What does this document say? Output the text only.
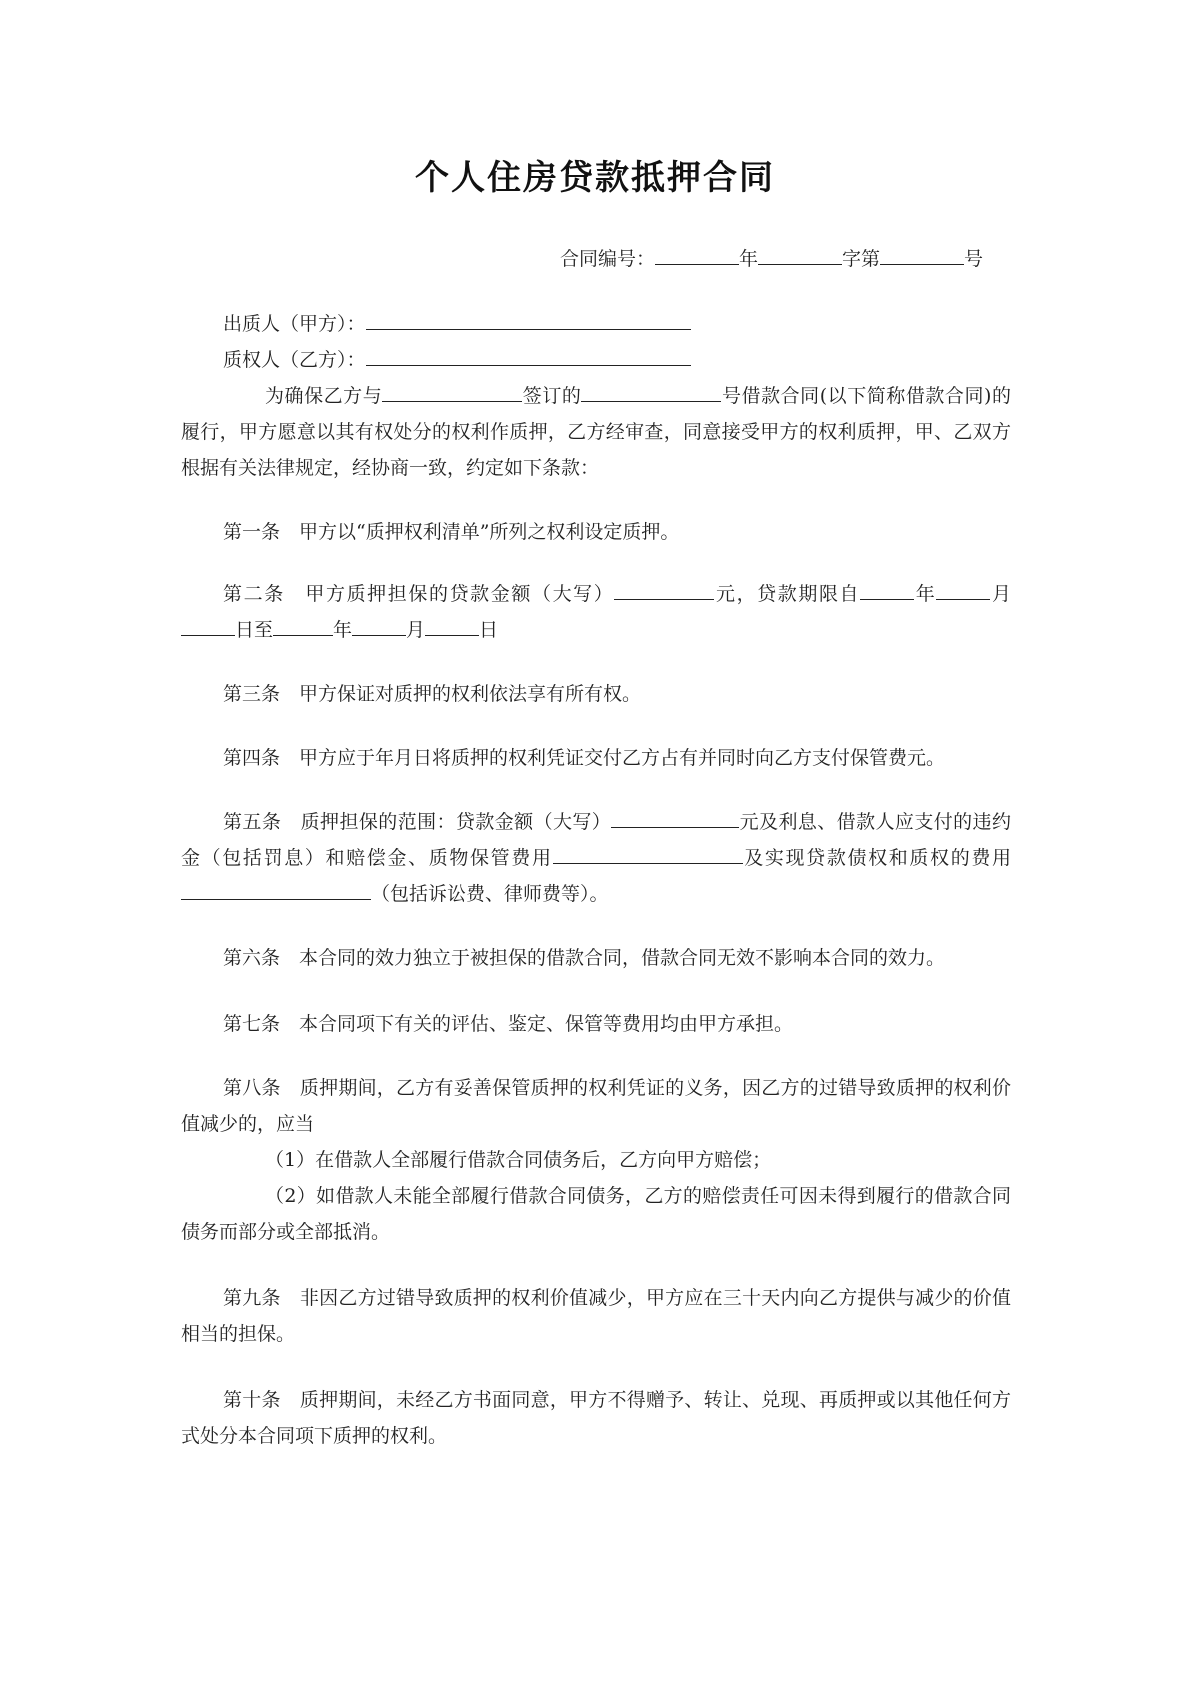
个人住房贷款抵押合同
合同编号：	年	字第	号
出质人（甲方）：
质权人（乙方）：
为确保乙方与	签订的	号借款合同(以下简称借款合同)的履行，甲方愿意以其有权处分的权利作质押，乙方经审查，同意接受甲方的权利质押，甲、乙双方根据有关法律规定，经协商一致，约定如下条款：
第一条　甲方以“质押权利清单”所列之权利设定质押。
第二条　甲方质押担保的贷款金额（大写）	元，贷款期限自	年	月日至	年	月	日
第三条　甲方保证对质押的权利依法享有所有权。
第四条　甲方应于年月日将质押的权利凭证交付乙方占有并同时向乙方支付保管费元。
第五条　质押担保的范围：贷款金额（大写）	元及利息、借款人应支付的违约金（包括罚息）和赔偿金、质物保管费用	及实现贷款债权和质权的费用（包括诉讼费、律师费等）。
第六条　本合同的效力独立于被担保的借款合同，借款合同无效不影响本合同的效力。
第七条　本合同项下有关的评估、鉴定、保管等费用均由甲方承担。
第八条　质押期间，乙方有妥善保管质押的权利凭证的义务，因乙方的过错导致质押的权利价值减少的，应当
（1）在借款人全部履行借款合同债务后，乙方向甲方赔偿；
（2）如借款人未能全部履行借款合同债务，乙方的赔偿责任可因未得到履行的借款合同债务而部分或全部抵消。
第九条　非因乙方过错导致质押的权利价值减少，甲方应在三十天内向乙方提供与减少的价值相当的担保。
第十条　质押期间，未经乙方书面同意，甲方不得赠予、转让、兑现、再质押或以其他任何方式处分本合同项下质押的权利。
